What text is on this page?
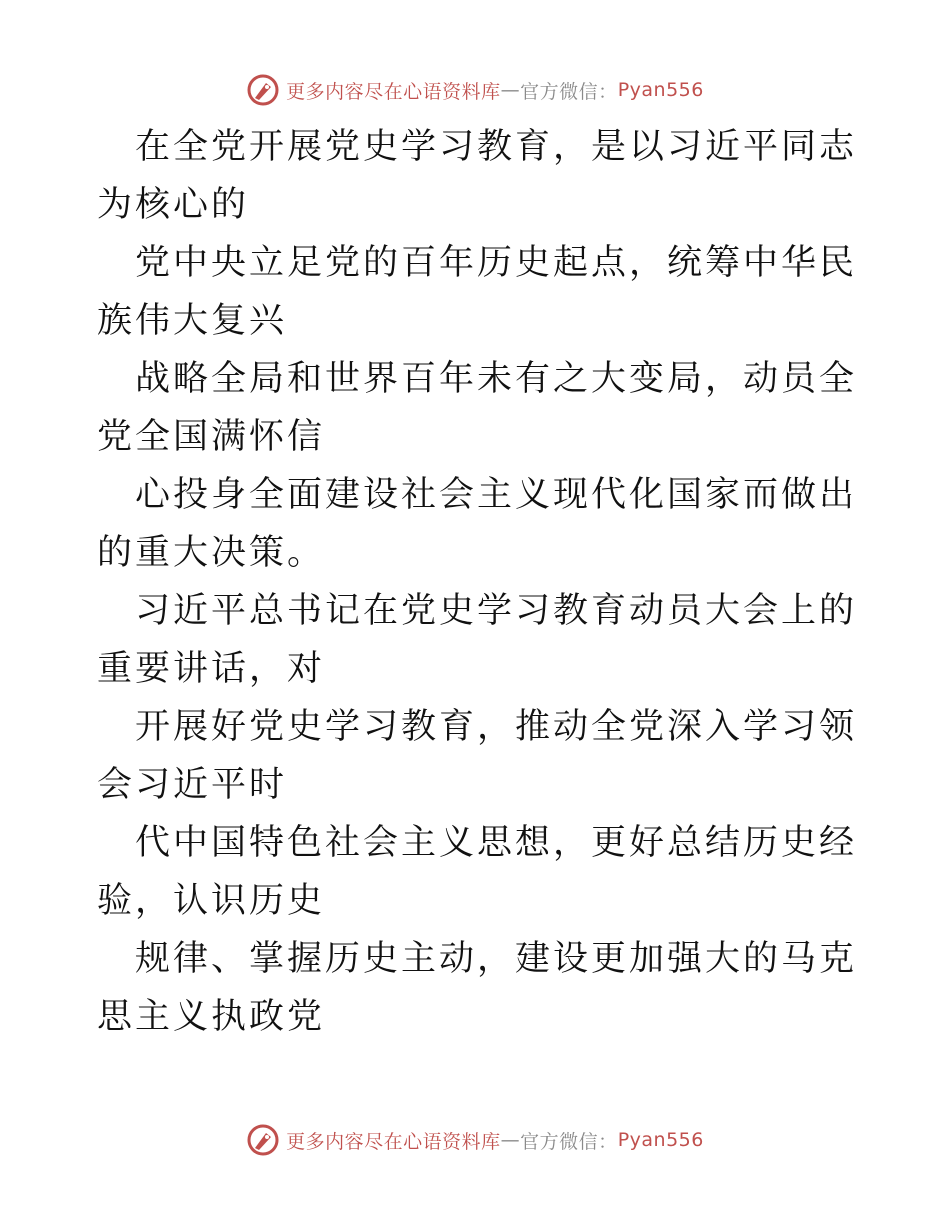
更多内容尽在心语资料库 — 官方微信： Pyan556

在全党开展党史学习教育，是以习近平同志为核心的

党中央立足党的百年历史起点，统筹中华民族伟大复兴

战略全局和世界百年未有之大变局，动员全党全国满怀信

心投身全面建设社会主义现代化国家而做出的重大决策。

习近平总书记在党史学习教育动员大会上的重要讲话，对

开展好党史学习教育，推动全党深入学习领会习近平时

代中国特色社会主义思想，更好总结历史经验，认识历史

规律、掌握历史主动，建设更加强大的马克思主义执政党

更多内容尽在心语资料库 — 官方微信： Pyan556
